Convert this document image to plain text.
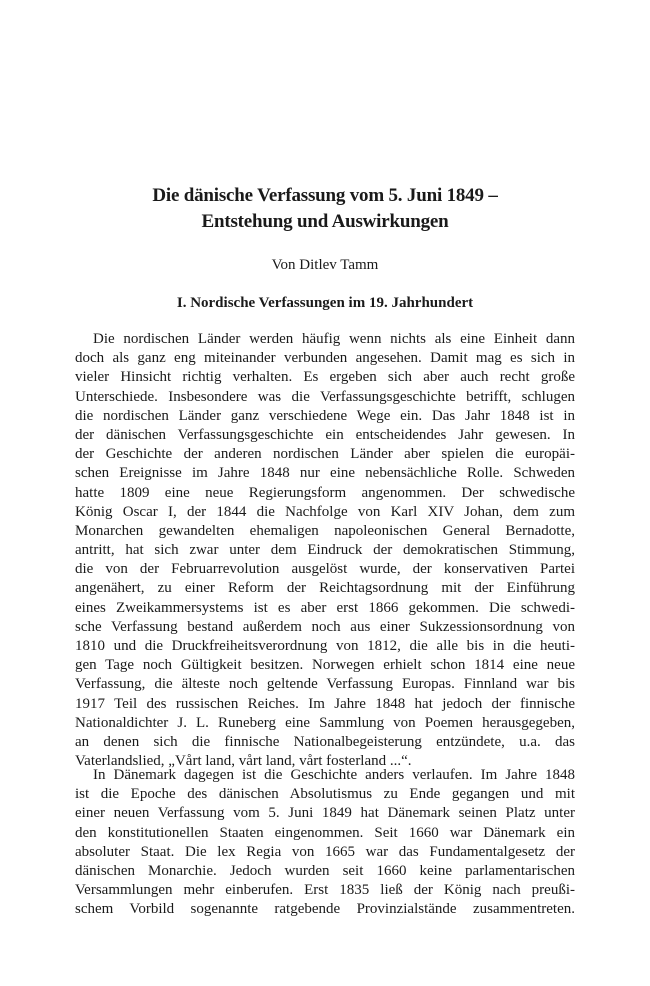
Die dänische Verfassung vom 5. Juni 1849 –
Entstehung und Auswirkungen
Von Ditlev Tamm
I. Nordische Verfassungen im 19. Jahrhundert
Die nordischen Länder werden häufig wenn nichts als eine Einheit dann
doch als ganz eng miteinander verbunden angesehen. Damit mag es sich in
vieler Hinsicht richtig verhalten. Es ergeben sich aber auch recht große
Unterschiede. Insbesondere was die Verfassungsgeschichte betrifft, schlugen
die nordischen Länder ganz verschiedene Wege ein. Das Jahr 1848 ist in
der dänischen Verfassungsgeschichte ein entscheidendes Jahr gewesen. In
der Geschichte der anderen nordischen Länder aber spielen die europäi-
schen Ereignisse im Jahre 1848 nur eine nebensächliche Rolle. Schweden
hatte 1809 eine neue Regierungsform angenommen. Der schwedische
König Oscar I, der 1844 die Nachfolge von Karl XIV Johan, dem zum
Monarchen gewandelten ehemaligen napoleonischen General Bernadotte,
antritt, hat sich zwar unter dem Eindruck der demokratischen Stimmung,
die von der Februarrevolution ausgelöst wurde, der konservativen Partei
angenähert, zu einer Reform der Reichtagsordnung mit der Einführung
eines Zweikammersystems ist es aber erst 1866 gekommen. Die schwedi-
sche Verfassung bestand außerdem noch aus einer Sukzessionsordnung von
1810 und die Druckfreiheitsverordnung von 1812, die alle bis in die heuti-
gen Tage noch Gültigkeit besitzen. Norwegen erhielt schon 1814 eine neue
Verfassung, die älteste noch geltende Verfassung Europas. Finnland war bis
1917 Teil des russischen Reiches. Im Jahre 1848 hat jedoch der finnische
Nationaldichter J. L. Runeberg eine Sammlung von Poemen herausgegeben,
an denen sich die finnische Nationalbegeisterung entzündete, u.a. das
Vaterlandslied, „Vårt land, vårt land, vårt fosterland ...“.
In Dänemark dagegen ist die Geschichte anders verlaufen. Im Jahre 1848
ist die Epoche des dänischen Absolutismus zu Ende gegangen und mit
einer neuen Verfassung vom 5. Juni 1849 hat Dänemark seinen Platz unter
den konstitutionellen Staaten eingenommen. Seit 1660 war Dänemark ein
absoluter Staat. Die lex Regia von 1665 war das Fundamentalgesetz der
dänischen Monarchie. Jedoch wurden seit 1660 keine parlamentarischen
Versammlungen mehr einberufen. Erst 1835 ließ der König nach preußi-
schem Vorbild sogenannte ratgebende Provinzialstände zusammentreten.
